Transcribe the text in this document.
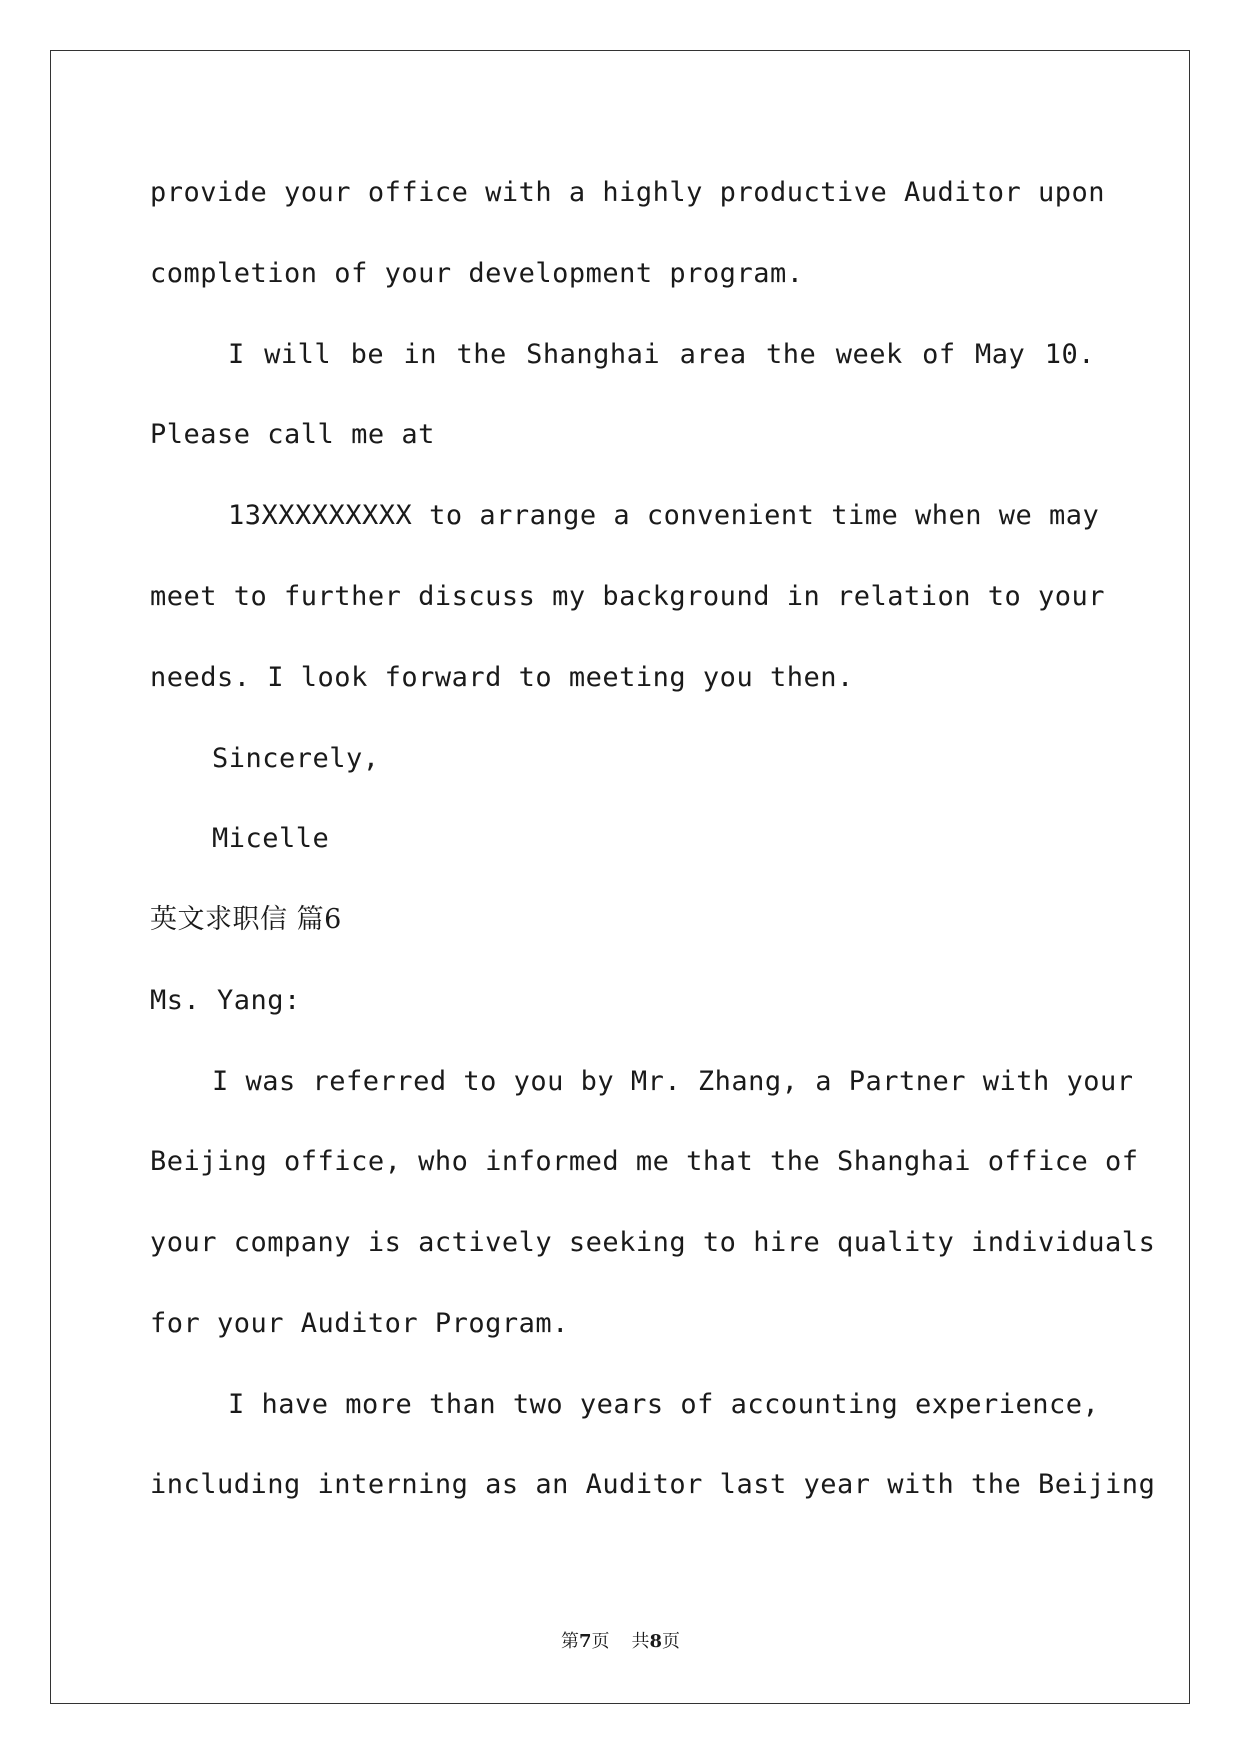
provide your office with a highly productive Auditor upon
completion of your development program.
I will be in the Shanghai area the week of May 10.
Please call me at
13XXXXXXXXX to arrange a convenient time when we may
meet to further discuss my background in relation to your
needs. I look forward to meeting you then.
Sincerely,
Micelle
英文求职信 篇6
Ms. Yang:
I was referred to you by Mr. Zhang, a Partner with your
Beijing office, who informed me that the Shanghai office of
your company is actively seeking to hire quality individuals
for your Auditor Program.
I have more than two years of accounting experience,
including interning as an Auditor last year with the Beijing
第7页 共8页
